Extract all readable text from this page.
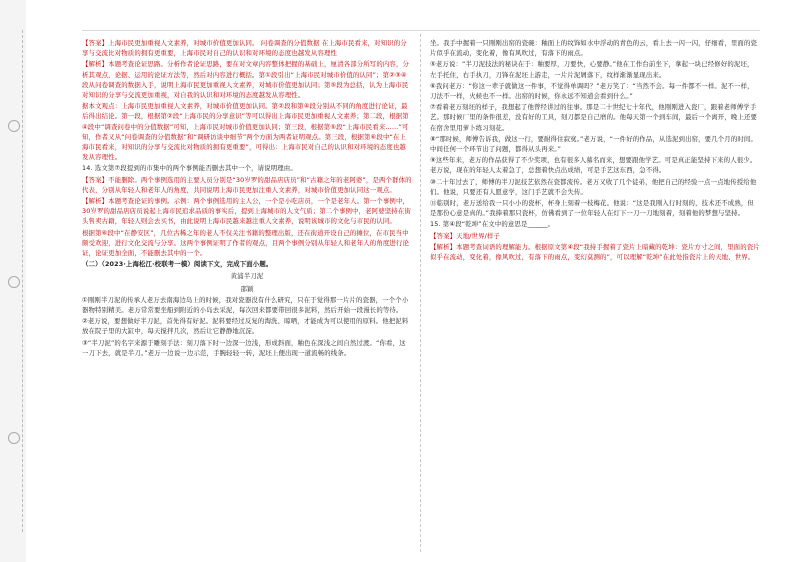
【答案】上海市民更加重视人文素养，对城市价值更加认同。 问卷调查的分值数据 在上海市民看来，对知识的分享与交流比对物质的拥有更重要，上海市民对自己的认识和对环境的态度也越发从容理性

【解析】本题考查论证思路。分析作者论证思路，要在对文章内容整体把握的基础上，厘清各部分所写的内容，分析其观点，论据、运用的论证方法等，然后对内容进行概括。第①段引出“上海市民对城市价值的认同”；第②③④段从问卷调查的数据入手，说明上海市民更加重视人文素养，对城市价值更加认同；第⑤段为总括，认为上海市民对知识的分享与交流更加重视，对自我的认识和对环境的态度越发从容理性。

据本文观点：上海市民更加重视人文素养，对城市价值更加认同。第②段和第④段分别从不同的角度进行论证，最后得出结论。第一段，根据第②段“上海市民的分享意识”等可以得出上海市民更加重视人文素养；第二段，根据第④段中“调查问卷中的分值数据”可知，上海市民对城市价值更加认同；第三段，根据第⑤段“上海市民看来……”可知，作者又从“问卷调查的分值数据”和“调研访谈中细节”两个方面为两者证明观点。第三段，根据第⑥段中“在上海市民看来，对知识的分享与交流比对物质的拥有更重要”，可得出：上海市民对自己的认识和对环境的态度也越发从容理性。

14. 选文第⑦段提到的市集中的两个事例能否删去其中一个，请说明理由。

【答案】不能删除。两个事例选用的主要人员分别是“30岁罗的甜品店店员”和“古籍之年的老阿婆”，是两个群体的代表，分别从年轻人和老年人的角度，共同说明上海市民更加注重人文素养，对城市价值更加认同这一观点。

【解析】本题考查论证的事例。示例：两个事例选用的主人公，一个是小吃店员，一个是老年人。第一个事例中，30岁罗的甜品店店员说起上海市民追求品质的事实后，提到上海城市的人文气质；第二个事例中，老阿婆坚持在街头售卖古籍，年轻人则会去买书，由此说明上海市民越来越注重人文素养，说明该城市的文化与市民的认同。

根据第⑥段中“在静安区”，几位古稀之年的老人不仅关注书籍的整理出版，还在街道开设自己的摊位，在市民当中颇受欢迎，进行文化交流与分享。这两个事例证明了作者的观点，且两个事例分别从年轻人和老年人的角度进行论证，论证更加全面，不能删去其中的一个。

（二）（2023·上海松江·校联考一模）阅读下文，完成下面小题。

黄浦半刀泥

邵颖

①刚刚半刀泥的传承人老万去南海边岛上的时候，我对瓷器没有什么研究，只在于觉得那一片片的瓷器，一个个小器物特别精美。老万常常要坐船到附近的小岛去采泥，每次回来都要带回很多泥料，然后开始一段漫长的等待。

②老万说，要想做好半刀泥，首先得有好泥。泥料要经过反复的淘洗、晾晒，才能成为可以使用的原料。他把泥料放在院子里的大缸中，每天搅拌几次，然后让它静静地沉淀。

③“半刀泥”的名字来源于雕刻手法：刻刀落下时一边深一边浅，形成斜面，釉色在深浅之间自然过渡。“你看，这一刀下去，就是半刀。”老万一边说一边示范，手腕轻轻一转，泥坯上便出现一道流畅的线条。

坐。我手中握着一只刚刚出窑的瓷碗：釉面上的纹饰如水中浮动的青色的云，看上去一闪一闪，仔细看，里面的瓷片似乎在流动，变化着，像有风吹过，有落下的雨点。

⑤老万说：“半刀泥技法的秘诀在于：釉要厚，刀要快，心要静。”他在工作台前坐下，拿起一块已经修好的泥坯，左手托住，右手执刀，刀锋在泥坯上游走，一片片泥屑落下，纹样渐渐显现出来。

⑥我问老万：“你这一辈子就做这一件事，不觉得单调吗？”老万笑了：“当然不会。每一件都不一样。泥不一样，刀法不一样，火候也不一样。出窑的时候，你永远不知道会看到什么。”

⑦看着老万刻坯的样子，我想起了他曾经讲过的往事。那是二十世纪七十年代，他刚刚进入瓷厂，跟着老师傅学手艺。那时候厂里的条件很差，没有好的工具，刻刀都是自己磨的。他每天第一个到车间，最后一个离开，晚上还要在宿舍里用萝卜练习刻花。

⑧“那时候，师傅告诉我，做这一行，要耐得住寂寞。”老万说，“一件好的作品，从选泥到出窑，要几个月的时间。中间任何一个环节出了问题，都得从头再来。”

⑨这些年来，老万的作品获得了不少奖项，也有很多人慕名而来，想要跟他学艺。可是真正能坚持下来的人很少。老万说，现在的年轻人太着急了，总想着快点出成绩，可是手艺这东西，急不得。

⑩二十年过去了，师傅的半刀泥技艺依然在瓷都流传。老万又收了几个徒弟，他把自己的经验一点一点地传授给他们。他说，只要还有人愿意学，这门手艺就不会失传。

⑪临别时，老万送给我一只小小的瓷杯，杯身上刻着一枝梅花。他说：“这是我刚入行时刻的，技术还不成熟，但是那份心意是真的。”我捧着那只瓷杯，仿佛看到了一位年轻人在灯下一刀一刀地刻着，刻着他的梦想与坚持。

15. 第④段“乾坤”在文中的意思是______。

【答案】天地/世界/样子

【解析】本题考查词语的理解能力。根据原文第④段“我持手握着了瓷片上暗藏的乾坤：瓷片方寸之间，里面的瓷片似乎在流动，变化着，像风吹过，有落下的雨点，变幻莫测的”，可以理解“乾坤”在此处指瓷片上的天地、世界。
